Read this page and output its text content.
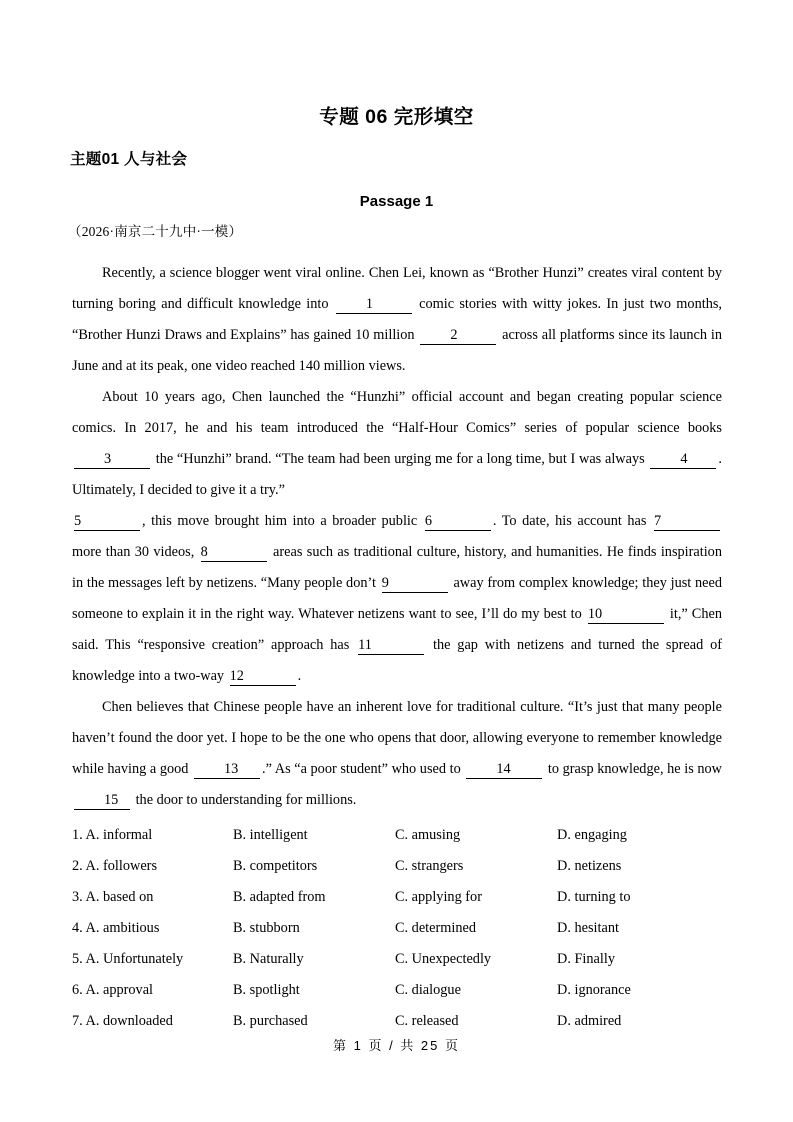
专题 06 完形填空
主题01 人与社会
Passage 1
（2026·南京二十九中·一模）

Recently, a science blogger went viral online. Chen Lei, known as “Brother Hunzi” creates viral content by turning boring and difficult knowledge into 1	comic stories with witty jokes. In just two months, “Brother Hunzi Draws and Explains” has gained 10 million 2	across all platforms since its launch in June and at its peak, one video reached 140 million views.

About 10 years ago, Chen launched the “Hunzhi” official account and began creating popular science comics. In 2017, he and his team introduced the “Half-Hour Comics” series of popular science books 3	the “Hunzhi” brand. “The team had been urging me for a long time, but I was always 4 . Ultimately, I decided to give it a try.”

5	, this move brought him into a broader public 6	. To date, his account has 7 more than 30 videos, 8	areas such as traditional culture, history, and humanities. He finds inspiration in the messages left by netizens. “Many people don’t 9	away from complex knowledge; they just need someone to explain it in the right way. Whatever netizens want to see, I’ll do my best to 10	it,” Chen said. This “responsive creation” approach has 11	the gap with netizens and turned the spread of knowledge into a two-way 12	.

Chen believes that Chinese people have an inherent love for traditional culture. “It’s just that many people haven’t found the door yet. I hope to be the one who opens that door, allowing everyone to remember knowledge while having a good 13 .” As “a poor student” who used to 14 to grasp knowledge, he is now 15 the door to understanding for millions.

1. A. informal	B. intelligent	C. amusing	D. engaging
2. A. followers	B. competitors	C. strangers	D. netizens
3. A. based on	B. adapted from	C. applying for	D. turning to
4. A. ambitious	B. stubborn	C. determined	D. hesitant
5. A. Unfortunately	B. Naturally	C. Unexpectedly	D. Finally
6. A. approval	B. spotlight	C. dialogue	D. ignorance
7. A. downloaded	B. purchased	C. released	D. admired
第 1 页 / 共 25 页
